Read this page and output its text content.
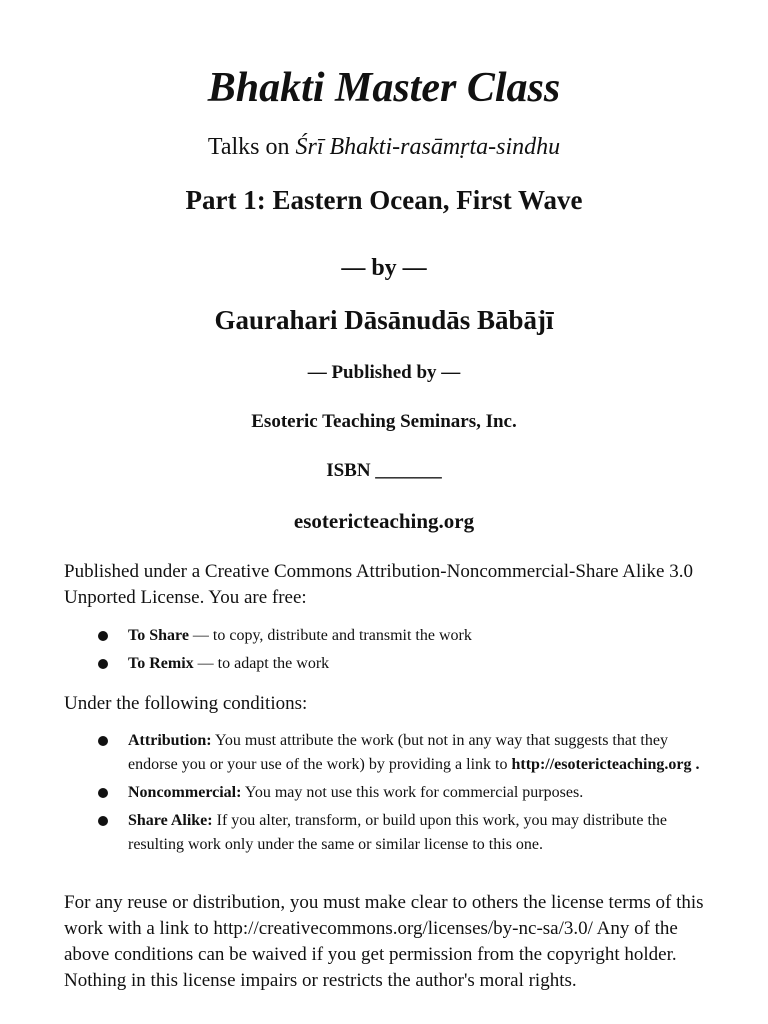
Bhakti Master Class

Talks on Śrī Bhakti-rasāmṛta-sindhu

Part 1: Eastern Ocean, First Wave

— by —

Gaurahari Dāsānudās Bābājī

— Published by —

Esoteric Teaching Seminars, Inc.

ISBN _______

esotericteaching.org

Published under a Creative Commons Attribution-Noncommercial-Share Alike 3.0 Unported License. You are free:

To Share — to copy, distribute and transmit the work
To Remix — to adapt the work

Under the following conditions:

Attribution: You must attribute the work (but not in any way that suggests that they endorse you or your use of the work) by providing a link to http://esotericteaching.org .
Noncommercial: You may not use this work for commercial purposes.
Share Alike: If you alter, transform, or build upon this work, you may distribute the resulting work only under the same or similar license to this one.

For any reuse or distribution, you must make clear to others the license terms of this work with a link to http://creativecommons.org/licenses/by-nc-sa/3.0/ Any of the above conditions can be waived if you get permission from the copyright holder. Nothing in this license impairs or restricts the author's moral rights.
